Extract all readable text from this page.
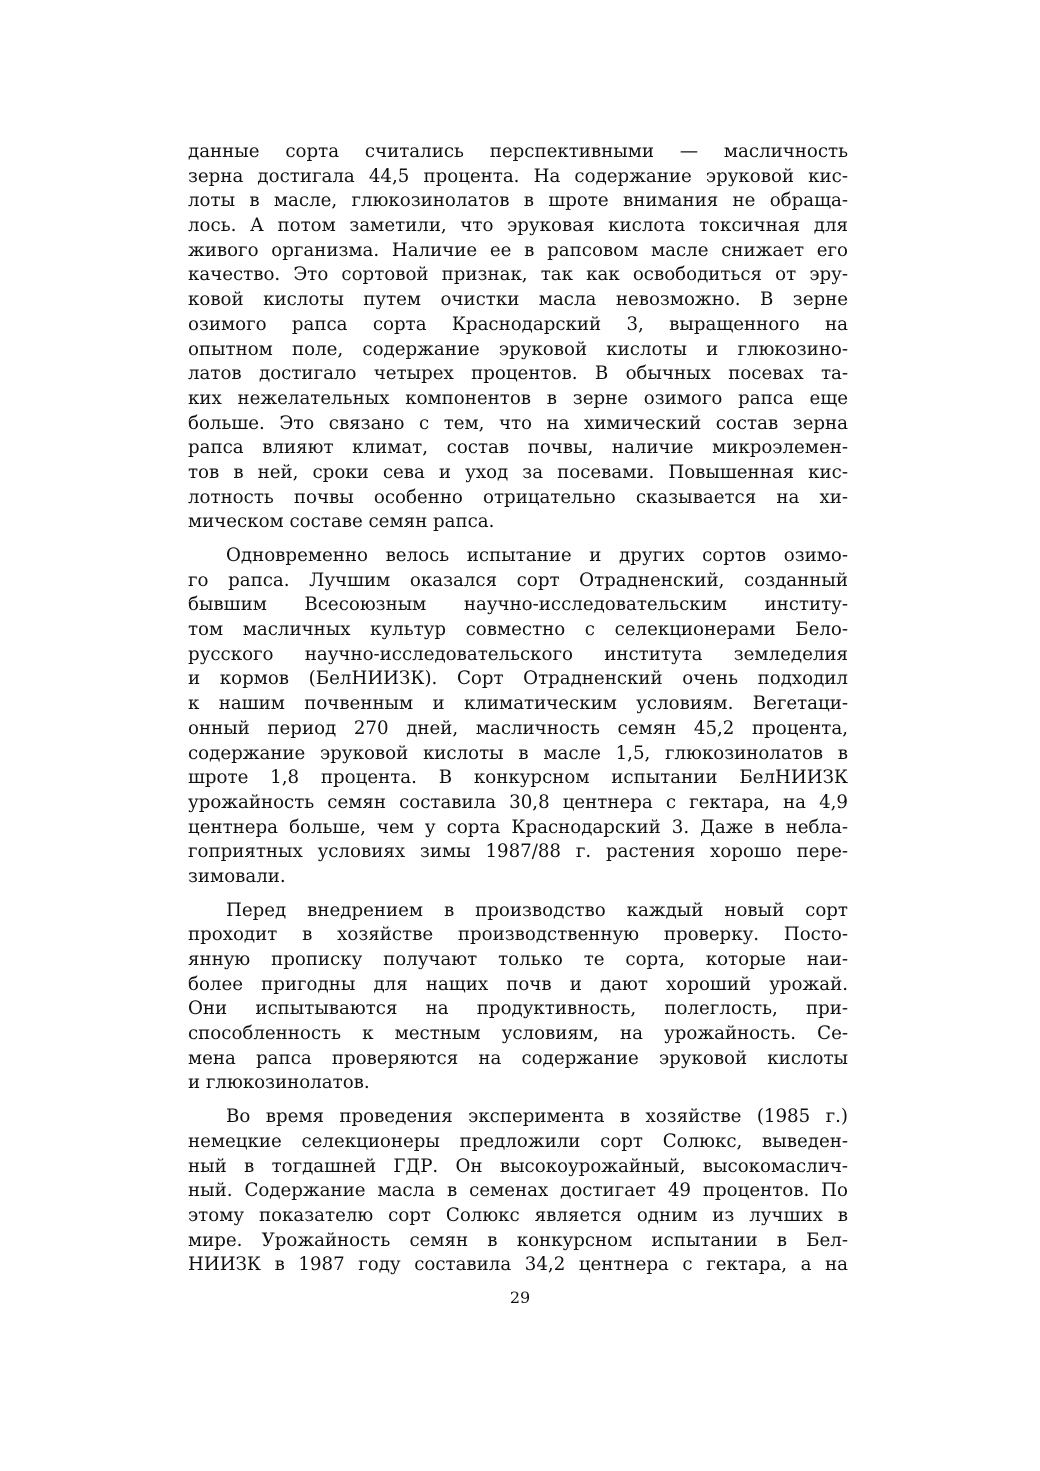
данные сорта считались перспективными — масличность
зерна достигала 44,5 процента. На содержание эруковой кис-
лоты в масле, глюкозинолатов в шроте внимания не обраща-
лось. А потом заметили, что эруковая кислота токсичная для
живого организма. Наличие ее в рапсовом масле снижает его
качество. Это сортовой признак, так как освободиться от эру-
ковой кислоты путем очистки масла невозможно. В зерне
озимого рапса сорта Краснодарский 3, выращенного на
опытном поле, содержание эруковой кислоты и глюкозино-
латов достигало четырех процентов. В обычных посевах та-
ких нежелательных компонентов в зерне озимого рапса еще
больше. Это связано с тем, что на химический состав зерна
рапса влияют климат, состав почвы, наличие микроэлемен-
тов в ней, сроки сева и уход за посевами. Повышенная кис-
лотность почвы особенно отрицательно сказывается на хи-
мическом составе семян рапса.
Одновременно велось испытание и других сортов озимо-
го рапса. Лучшим оказался сорт Отрадненский, созданный
бывшим Всесоюзным научно-исследовательским институ-
том масличных культур совместно с селекционерами Бело-
русского научно-исследовательского института земледелия
и кормов (БелНИИЗК). Сорт Отрадненский очень подходил
к нашим почвенным и климатическим условиям. Вегетаци-
онный период 270 дней, масличность семян 45,2 процента,
содержание эруковой кислоты в масле 1,5, глюкозинолатов в
шроте 1,8 процента. В конкурсном испытании БелНИИЗК
урожайность семян составила 30,8 центнера с гектара, на 4,9
центнера больше, чем у сорта Краснодарский 3. Даже в небла-
гоприятных условиях зимы 1987/88 г. растения хорошо пере-
зимовали.
Перед внедрением в производство каждый новый сорт
проходит в хозяйстве производственную проверку. Посто-
янную прописку получают только те сорта, которые наи-
более пригодны для нащих почв и дают хороший урожай.
Они испытываются на продуктивность, полеглость, при-
способленность к местным условиям, на урожайность. Се-
мена рапса проверяются на содержание эруковой кислоты
и глюкозинолатов.
Во время проведения эксперимента в хозяйстве (1985 г.)
немецкие селекционеры предложили сорт Солюкс, выведен-
ный в тогдашней ГДР. Он высокоурожайный, высокомаслич-
ный. Содержание масла в семенах достигает 49 процентов. По
этому показателю сорт Солюкс является одним из лучших в
мире. Урожайность семян в конкурсном испытании в Бел-
НИИЗК в 1987 году составила 34,2 центнера с гектара, а на
29
